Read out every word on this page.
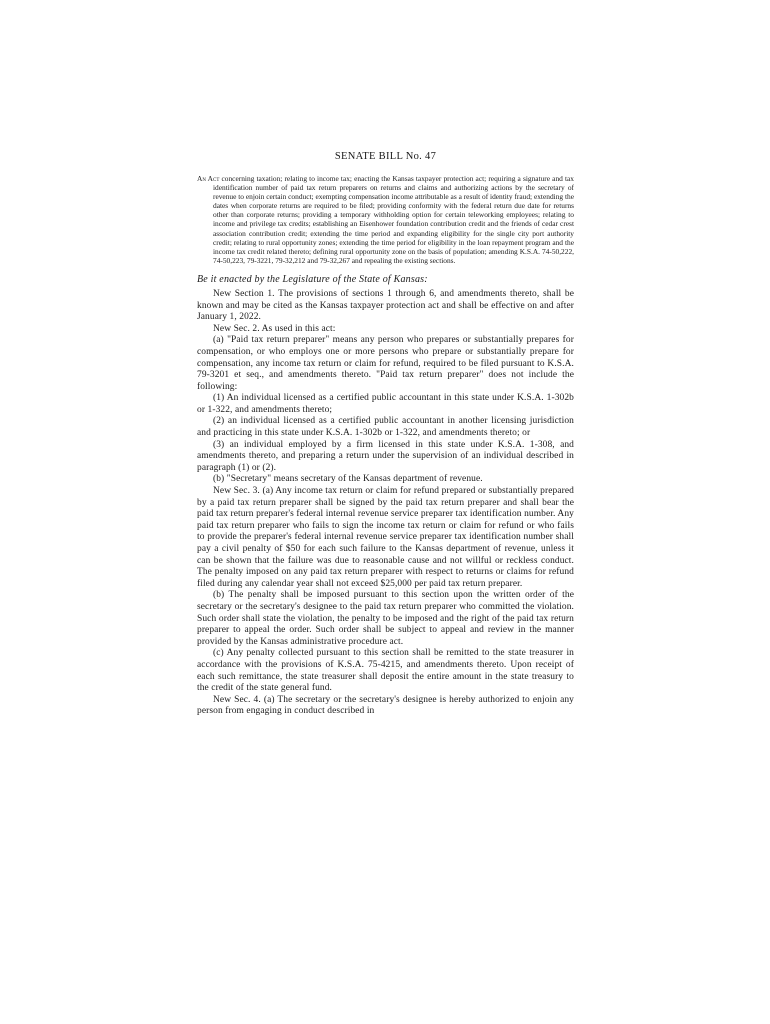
SENATE BILL No. 47
An Act concerning taxation; relating to income tax; enacting the Kansas taxpayer protection act; requiring a signature and tax identification number of paid tax return preparers on returns and claims and authorizing actions by the secretary of revenue to enjoin certain conduct; exempting compensation income attributable as a result of identity fraud; extending the dates when corporate returns are required to be filed; providing conformity with the federal return due date for returns other than corporate returns; providing a temporary withholding option for certain teleworking employees; relating to income and privilege tax credits; establishing an Eisenhower foundation contribution credit and the friends of cedar crest association contribution credit; extending the time period and expanding eligibility for the single city port authority credit; relating to rural opportunity zones; extending the time period for eligibility in the loan repayment program and the income tax credit related thereto; defining rural opportunity zone on the basis of population; amending K.S.A. 74-50,222, 74-50,223, 79-3221, 79-32,212 and 79-32,267 and repealing the existing sections.
Be it enacted by the Legislature of the State of Kansas:

New Section 1. The provisions of sections 1 through 6, and amendments thereto, shall be known and may be cited as the Kansas taxpayer protection act and shall be effective on and after January 1, 2022.

New Sec. 2. As used in this act:

(a) "Paid tax return preparer" means any person who prepares or substantially prepares for compensation, or who employs one or more persons who prepare or substantially prepare for compensation, any income tax return or claim for refund, required to be filed pursuant to K.S.A. 79-3201 et seq., and amendments thereto. "Paid tax return preparer" does not include the following:

(1) An individual licensed as a certified public accountant in this state under K.S.A. 1-302b or 1-322, and amendments thereto;

(2) an individual licensed as a certified public accountant in another licensing jurisdiction and practicing in this state under K.S.A. 1-302b or 1-322, and amendments thereto; or

(3) an individual employed by a firm licensed in this state under K.S.A. 1-308, and amendments thereto, and preparing a return under the supervision of an individual described in paragraph (1) or (2).

(b) "Secretary" means secretary of the Kansas department of revenue.

New Sec. 3. (a) Any income tax return or claim for refund prepared or substantially prepared by a paid tax return preparer shall be signed by the paid tax return preparer and shall bear the paid tax return preparer's federal internal revenue service preparer tax identification number. Any paid tax return preparer who fails to sign the income tax return or claim for refund or who fails to provide the preparer's federal internal revenue service preparer tax identification number shall pay a civil penalty of $50 for each such failure to the Kansas department of revenue, unless it can be shown that the failure was due to reasonable cause and not willful or reckless conduct. The penalty imposed on any paid tax return preparer with respect to returns or claims for refund filed during any calendar year shall not exceed $25,000 per paid tax return preparer.

(b) The penalty shall be imposed pursuant to this section upon the written order of the secretary or the secretary's designee to the paid tax return preparer who committed the violation. Such order shall state the violation, the penalty to be imposed and the right of the paid tax return preparer to appeal the order. Such order shall be subject to appeal and review in the manner provided by the Kansas administrative procedure act.

(c) Any penalty collected pursuant to this section shall be remitted to the state treasurer in accordance with the provisions of K.S.A. 75-4215, and amendments thereto. Upon receipt of each such remittance, the state treasurer shall deposit the entire amount in the state treasury to the credit of the state general fund.

New Sec. 4. (a) The secretary or the secretary's designee is hereby authorized to enjoin any person from engaging in conduct described in
